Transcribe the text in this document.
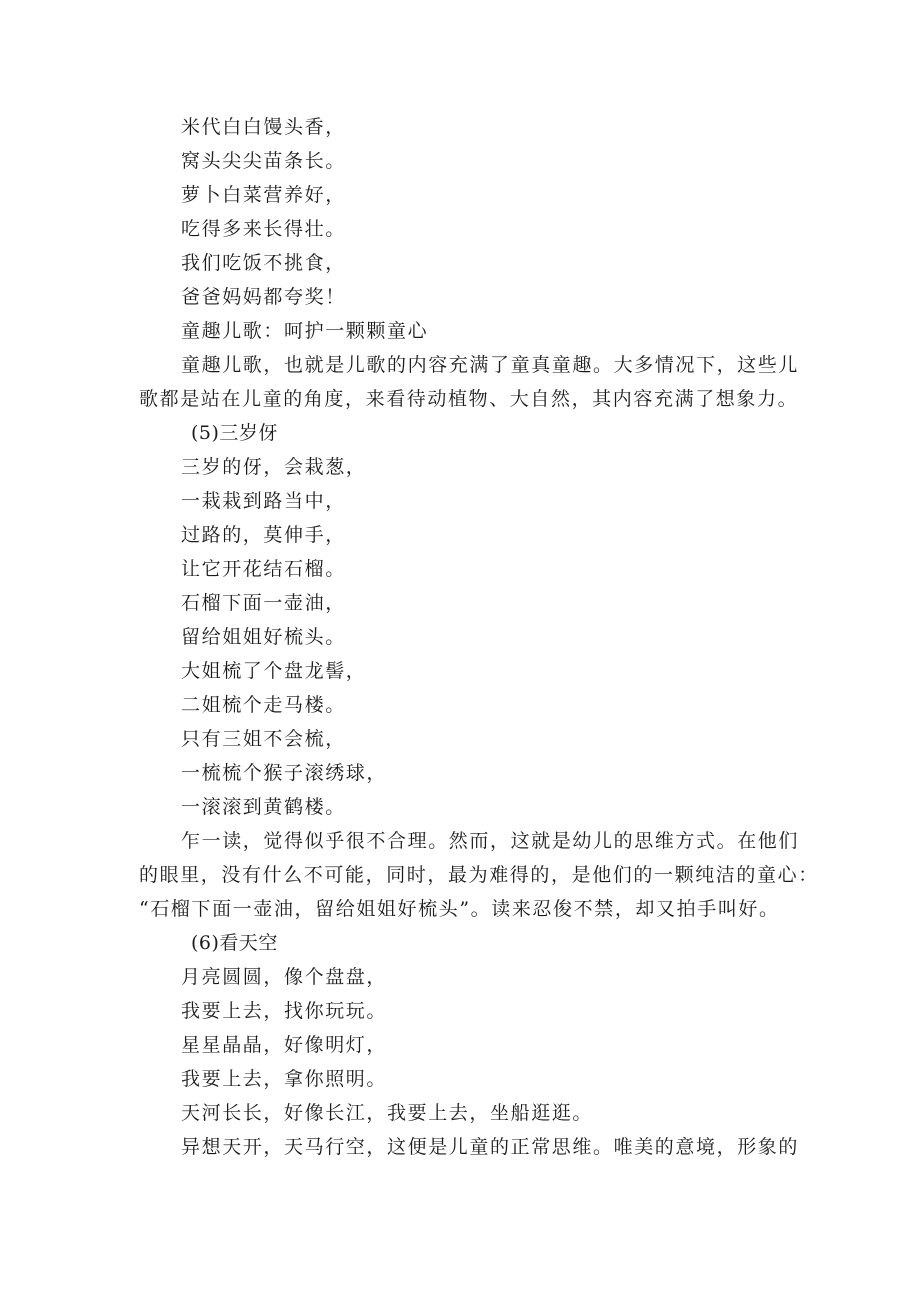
米代白白馒头香，
窝头尖尖苗条长。
萝卜白菜营养好，
吃得多来长得壮。
我们吃饭不挑食，
爸爸妈妈都夸奖！
童趣儿歌：呵护一颗颗童心
童趣儿歌，也就是儿歌的内容充满了童真童趣。大多情况下，这些儿
歌都是站在儿童的角度，来看待动植物、大自然，其内容充满了想象力。
(5)三岁伢
三岁的伢，会栽葱，
一栽栽到路当中，
过路的，莫伸手，
让它开花结石榴。
石榴下面一壶油，
留给姐姐好梳头。
大姐梳了个盘龙髻，
二姐梳个走马楼。
只有三姐不会梳，
一梳梳个猴子滚绣球，
一滚滚到黄鹤楼。
乍一读，觉得似乎很不合理。然而，这就是幼儿的思维方式。在他们
的眼里，没有什么不可能，同时，最为难得的，是他们的一颗纯洁的童心：
“石榴下面一壶油，留给姐姐好梳头”。读来忍俊不禁，却又拍手叫好。
(6)看天空
月亮圆圆，像个盘盘，
我要上去，找你玩玩。
星星晶晶，好像明灯，
我要上去，拿你照明。
天河长长，好像长江，我要上去，坐船逛逛。
异想天开，天马行空，这便是儿童的正常思维。唯美的意境，形象的
